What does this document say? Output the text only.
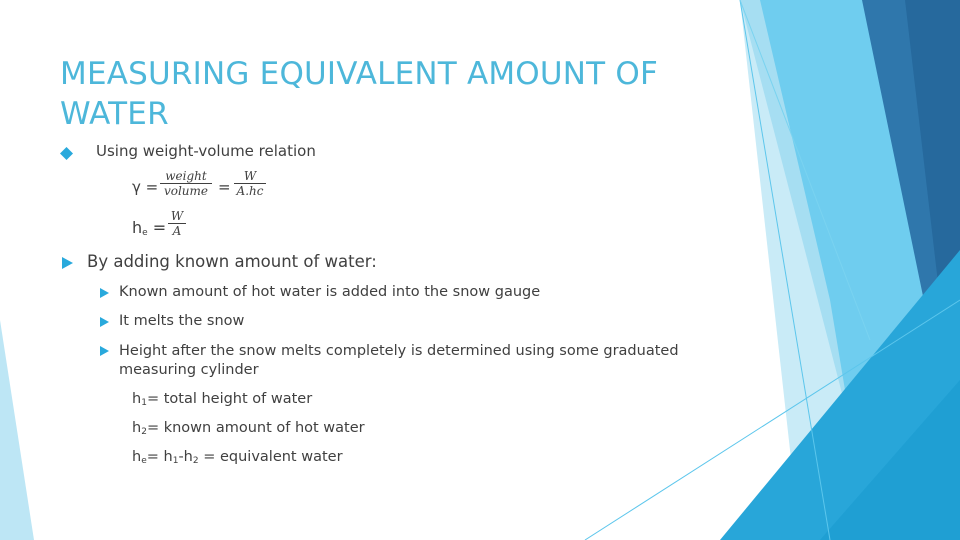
MEASURING EQUIVALENT AMOUNT OF
WATER
Using weight-volume relation
γ =
weight
volume = $\frac{W}{A.hc}$
$h_e = \frac{W}{A}$
By adding known amount of water:
Known amount of hot water is added into the snow gauge
It melts the snow
Height after the snow melts completely is determined using some graduated
measuring cylinder
$h_1=$ total height of water
$h_2=$ known amount of hot water
$h_e= h_1-h_2$ = equivalent water
